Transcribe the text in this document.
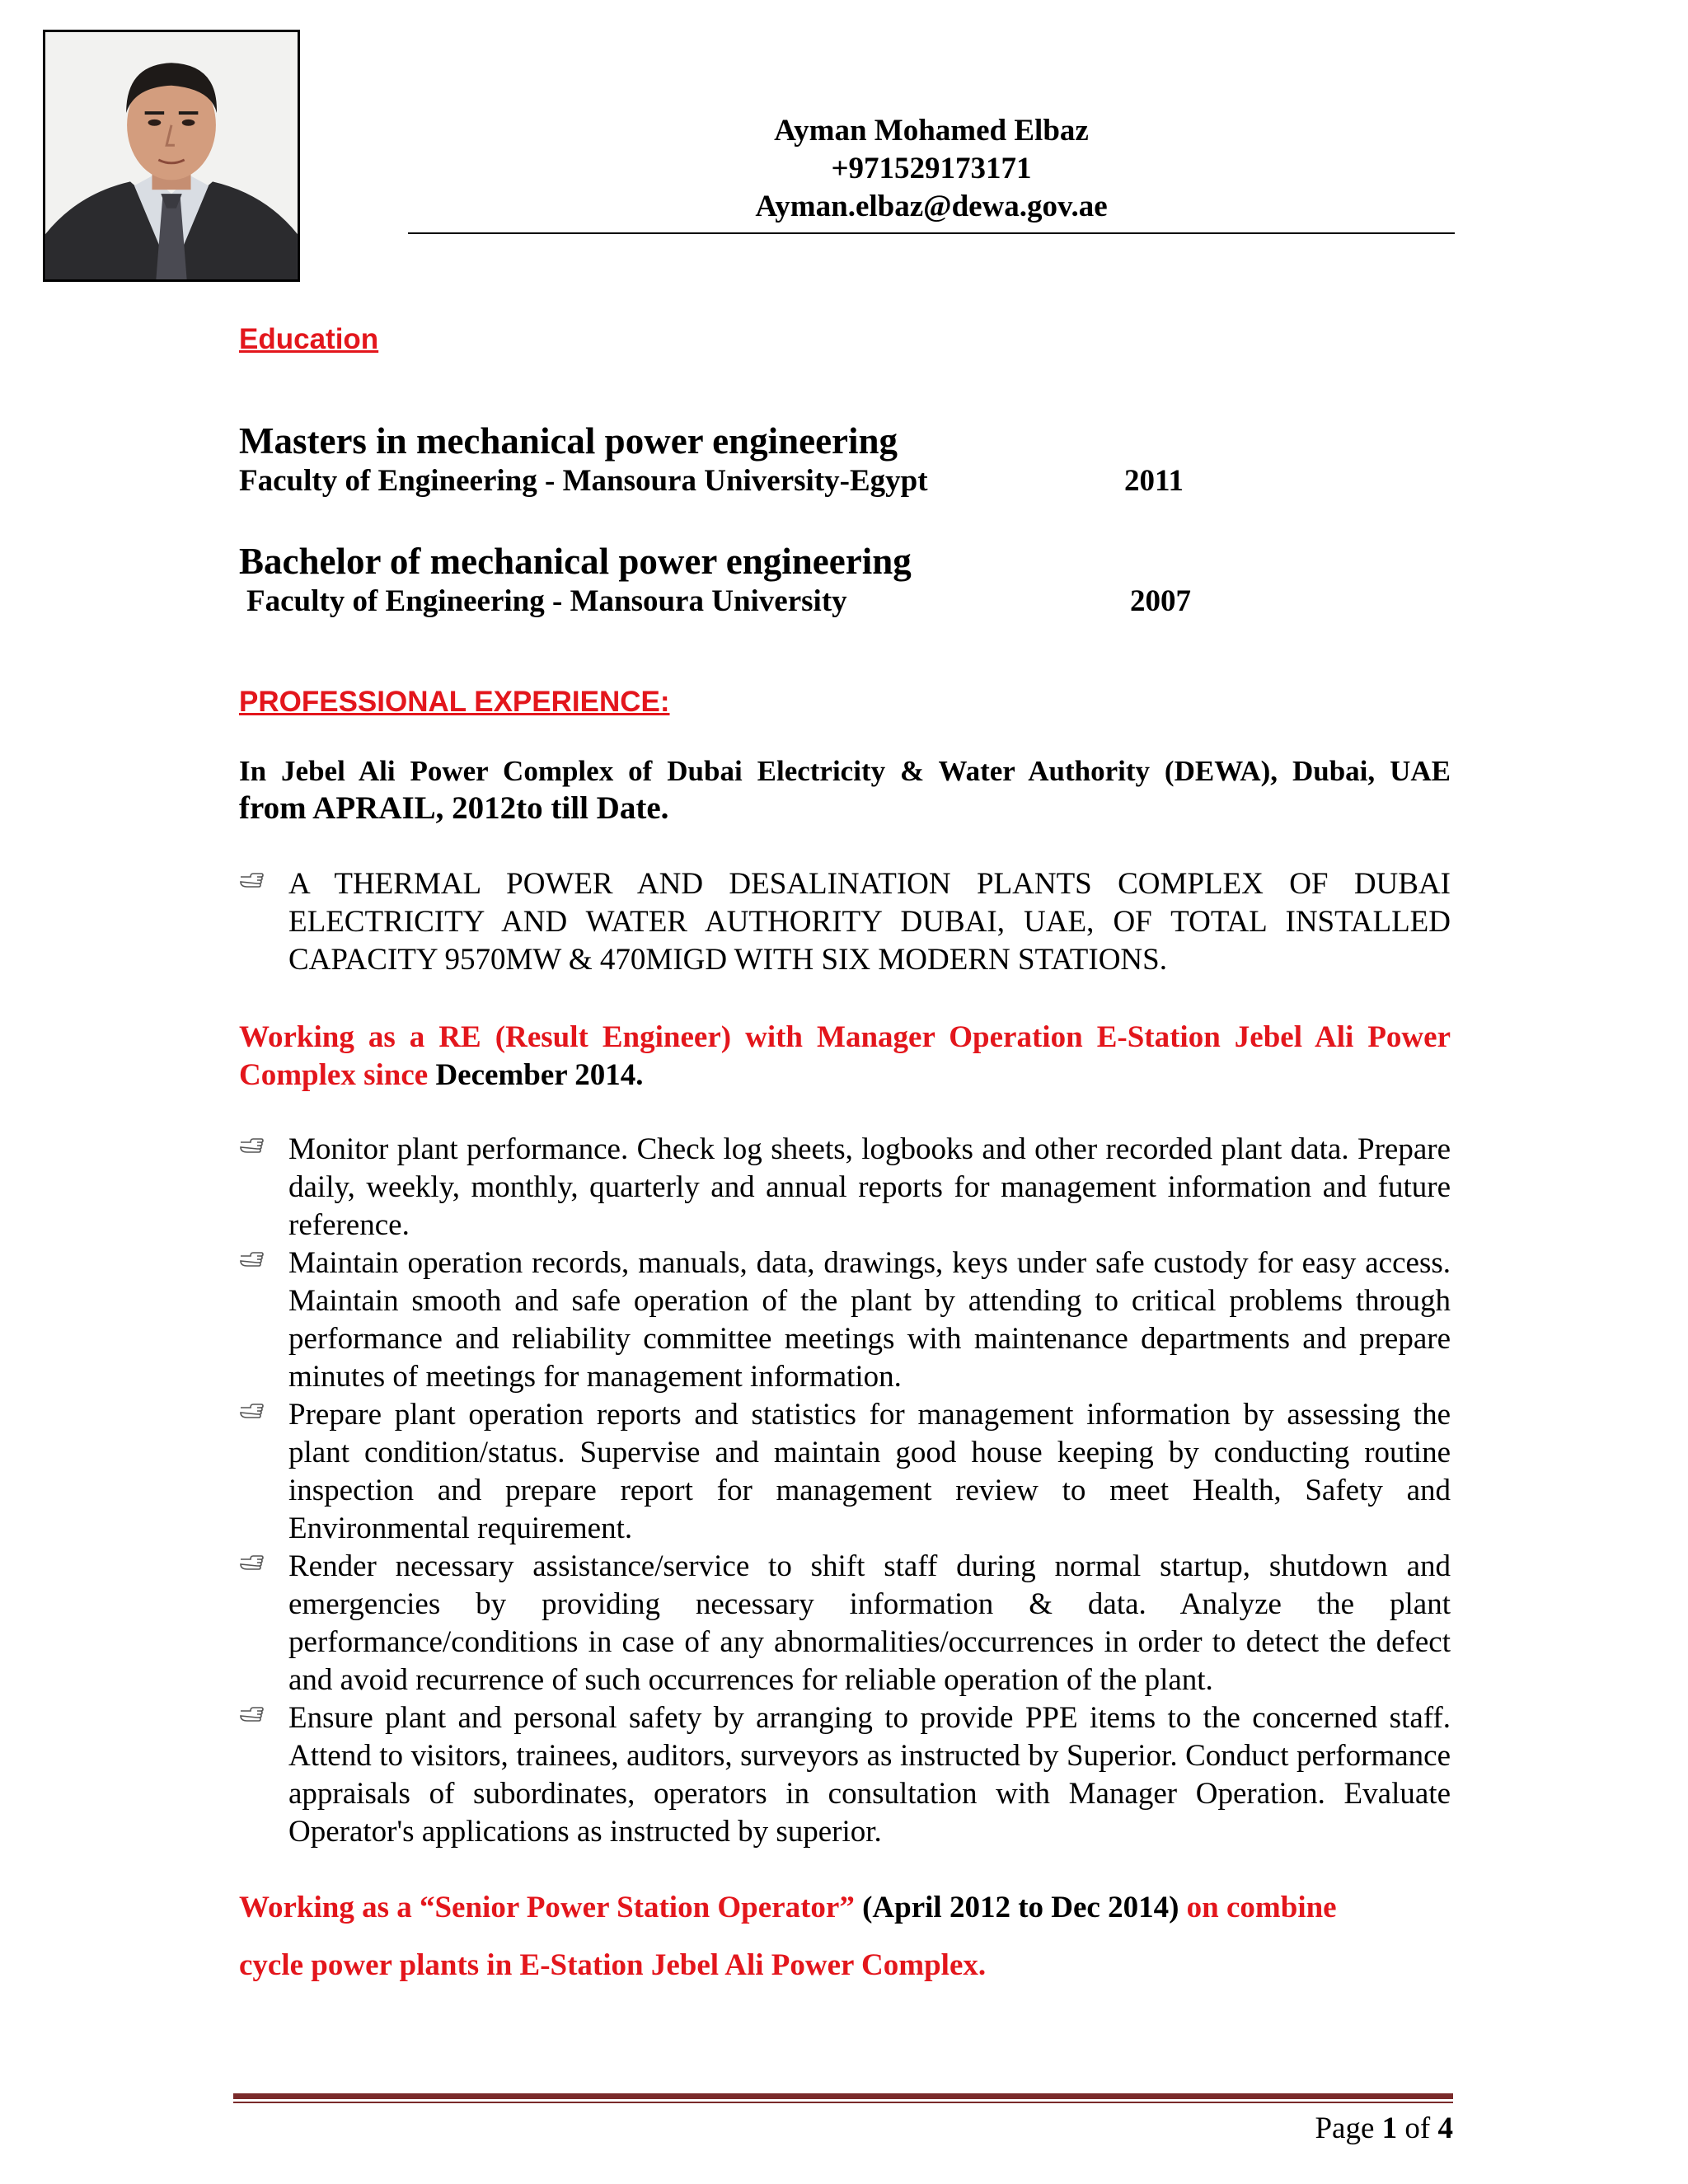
Ayman Mohamed Elbaz
+971529173171
Ayman.elbaz@dewa.gov.ae
Education
Masters in mechanical power engineering
Faculty of Engineering - Mansoura University-Egypt	2011
Bachelor of mechanical power engineering
Faculty of Engineering - Mansoura University	2007
PROFESSIONAL EXPERIENCE:
In Jebel Ali Power Complex of Dubai Electricity & Water Authority (DEWA), Dubai, UAE
from APRAIL, 2012to till Date.
A THERMAL POWER AND DESALINATION PLANTS COMPLEX OF DUBAI ELECTRICITY AND WATER AUTHORITY DUBAI, UAE, OF TOTAL INSTALLED CAPACITY 9570MW & 470MIGD WITH SIX MODERN STATIONS.
Working as a RE (Result Engineer) with Manager Operation E-Station Jebel Ali Power Complex since December 2014.
Monitor plant performance. Check log sheets, logbooks and other recorded plant data. Prepare daily, weekly, monthly, quarterly and annual reports for management information and future reference.
Maintain operation records, manuals, data, drawings, keys under safe custody for easy access. Maintain smooth and safe operation of the plant by attending to critical problems through performance and reliability committee meetings with maintenance departments and prepare minutes of meetings for management information.
Prepare plant operation reports and statistics for management information by assessing the plant condition/status. Supervise and maintain good house keeping by conducting routine inspection and prepare report for management review to meet Health, Safety and Environmental requirement.
Render necessary assistance/service to shift staff during normal startup, shutdown and emergencies by providing necessary information & data. Analyze the plant performance/conditions in case of any abnormalities/occurrences in order to detect the defect and avoid recurrence of such occurrences for reliable operation of the plant.
Ensure plant and personal safety by arranging to provide PPE items to the concerned staff. Attend to visitors, trainees, auditors, surveyors as instructed by Superior. Conduct performance appraisals of subordinates, operators in consultation with Manager Operation. Evaluate Operator's applications as instructed by superior.
Working as a “Senior Power Station Operator” (April 2012 to Dec 2014) on combine
cycle power plants in E-Station Jebel Ali Power Complex.
Page 1 of 4
